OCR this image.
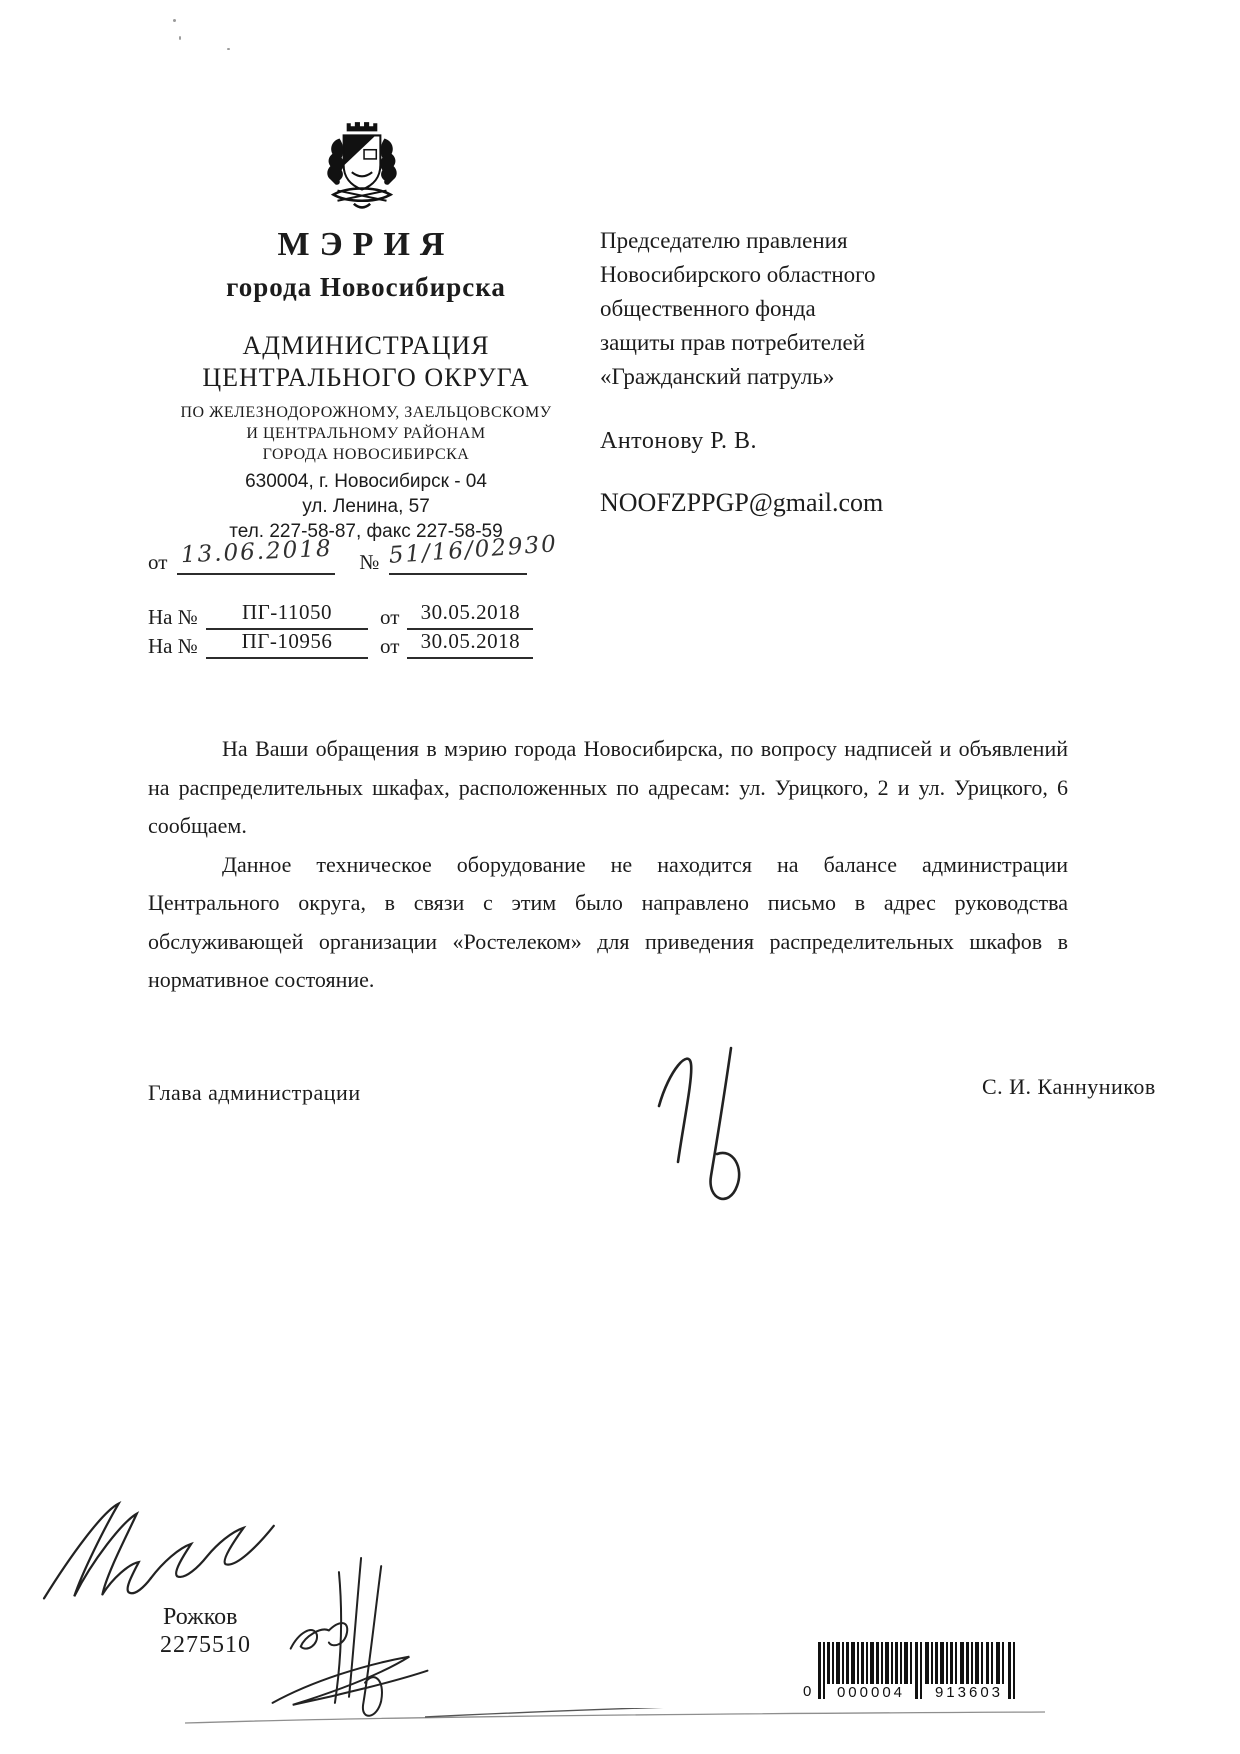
МЭРИЯ
города Новосибирска
АДМИНИСТРАЦИЯ
ЦЕНТРАЛЬНОГО ОКРУГА
ПО ЖЕЛЕЗНОДОРОЖНОМУ, ЗАЕЛЬЦОВСКОМУ
И ЦЕНТРАЛЬНОМУ РАЙОНАМ
ГОРОДА НОВОСИБИРСКА
630004, г. Новосибирск - 04
ул. Ленина, 57
тел. 227-58-87, факс 227-58-59
от 13.06.2018 № 51/16/02930
На № ПГ-11050 от 30.05.2018
На № ПГ-10956 от 30.05.2018
Председателю правления
Новосибирского областного
общественного фонда
защиты прав потребителей
«Гражданский патруль»
Антонову Р. В.
NOOFZPPGP@gmail.com

На Ваши обращения в мэрию города Новосибирска, по вопросу надписей и объявлений на распределительных шкафах, расположенных по адресам: ул. Урицкого, 2 и ул. Урицкого, 6 сообщаем.

Данное техническое оборудование не находится на балансе администрации Центрального округа, в связи с этим было направлено письмо в адрес руководства обслуживающей организации «Ростелеком» для приведения распределительных шкафов в нормативное состояние.

Глава администрации	С. И. Каннуников
Рожков
2275510
0	000004	913603
